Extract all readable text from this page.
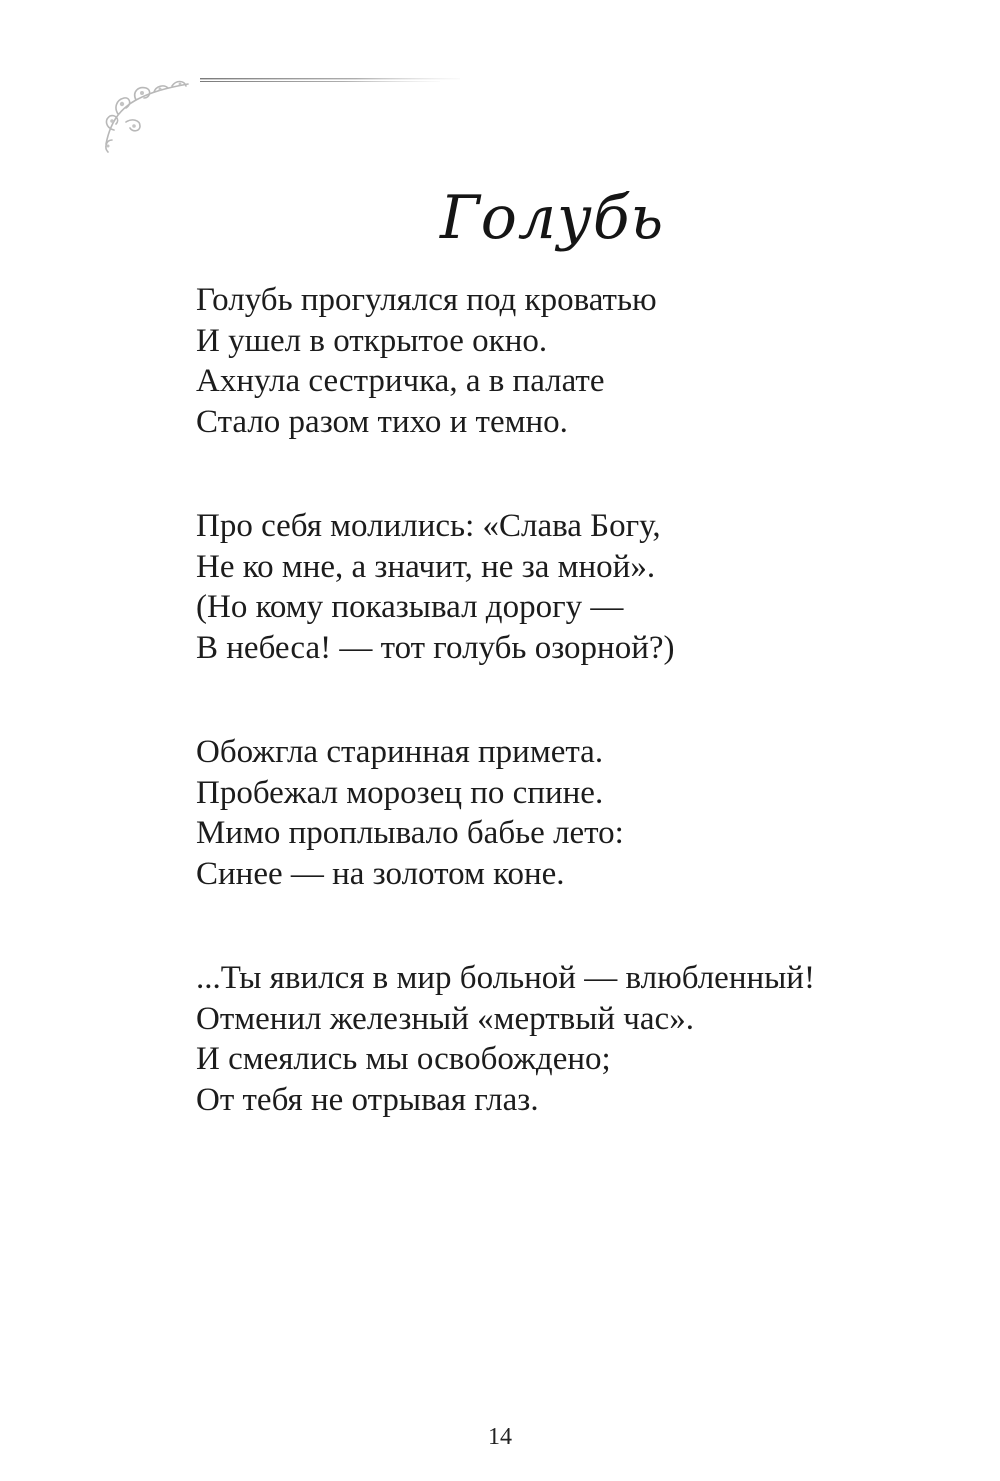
Голубь
Голубь прогулялся под кроватью
И ушел в открытое окно.
Ахнула сестричка, а в палате
Стало разом тихо и темно.
Про себя молились: «Слава Богу,
Не ко мне, а значит, не за мной».
(Но кому показывал дорогу —
В небеса! — тот голубь озорной?)
Обожгла старинная примета.
Пробежал морозец по спине.
Мимо проплывало бабье лето:
Синее — на золотом коне.
...Ты явился в мир больной — влюбленный!
Отменил железный «мертвый час».
И смеялись мы освобождено;
От тебя не отрывая глаз.
14
